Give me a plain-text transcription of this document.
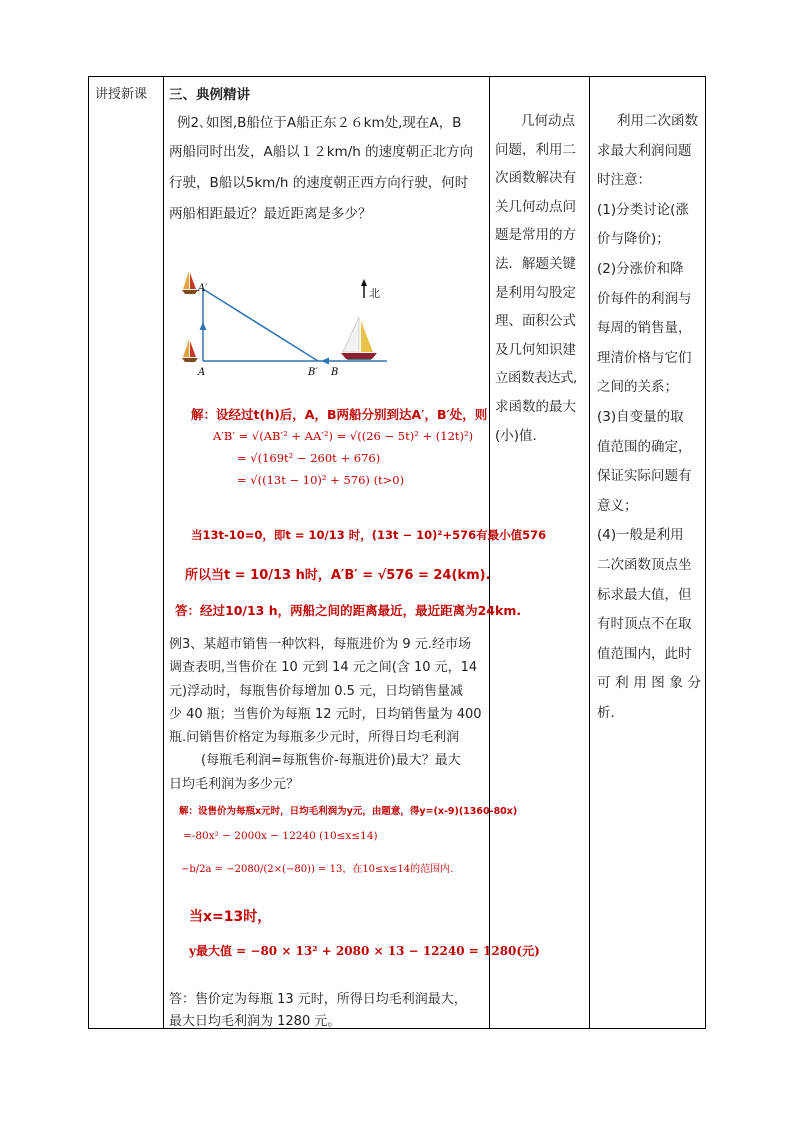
讲授新课	三、典例精讲
例2､如图,B船位于A船正东２６km处,现在A，B
两船同时出发，A船以１２km/h 的速度朝正北方向
行驶，B船以5km/h 的速度朝正西方向行驶，何时
两船相距最近？最近距离是多少？
北
A′
A	B′ B
解：设经过t(h)后，A，B两船分别到达A′，B′处，则
A′B′ = √(AB′² + AA′²) = √((26 − 5t)² + (12t)²)
= √(169t² − 260t + 676)
= √((13t − 10)² + 576) (t>0)
当13t-10=0，即t = 10/13 时，(13t − 10)²+576有最小值576
所以当t = 10/13 h时，A′B′ = √576 = 24(km).
答：经过10/13 h，两船之间的距离最近，最近距离为24km.
例3、某超市销售一种饮料，每瓶进价为 9 元.经市场
调查表明,当售价在 10 元到 14 元之间(含 10 元，14
元)浮动时，每瓶售价每增加 0.5 元，日均销售量减
少 40 瓶；当售价为每瓶 12 元时，日均销售量为 400
瓶.问销售价格定为每瓶多少元时，所得日均毛利润
(每瓶毛利润=每瓶售价-每瓶进价)最大？最大
日均毛利润为多少元？
解：设售价为每瓶x元时，日均毛利润为y元，由题意，得y=(x-9)(1360-80x)
=-80x² − 2000x − 12240 (10≤x≤14)
−b/2a = −2080/(2×(−80)) = 13，在10≤x≤14的范围内.
当x=13时，
y最大值 = −80 × 13² + 2080 × 13 − 12240 = 1280(元)
答：售价定为每瓶 13 元时，所得日均毛利润最大，
最大日均毛利润为 1280 元。
几何动点
问题，利用二
次函数解决有
关几何动点问
题是常用的方
法．解题关键
是利用勾股定
理、面积公式
及几何知识建
立函数表达式,
求函数的最大
(小)值．
利用二次函数
求最大利润问题
时注意：
(1)分类讨论(涨
价与降价)；
(2)分涨价和降
价每件的利润与
每周的销售量，
理清价格与它们
之间的关系；
(3)自变量的取
值范围的确定，
保证实际问题有
意义；
(4)一般是利用
二次函数顶点坐
标求最大值，但
有时顶点不在取
值范围内，此时
可利用图象分析．
